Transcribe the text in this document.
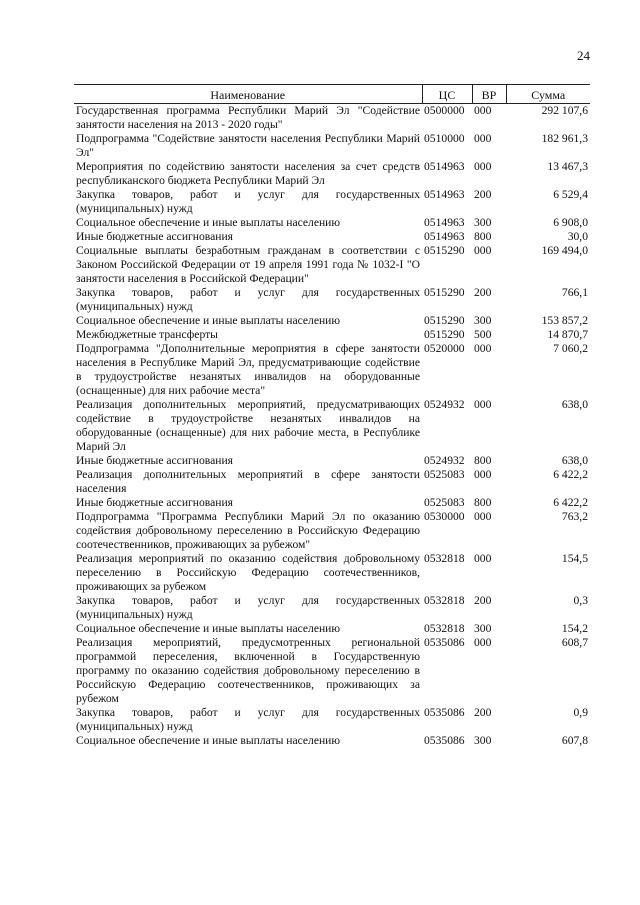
24
Наименование	ЦС	ВР	Сумма
Государственная программа Республики Марий Эл "Содействие занятости населения на 2013 - 2020 годы"	0500000	000	292 107,6
Подпрограмма "Содействие занятости населения Республики Марий Эл"	0510000	000	182 961,3
Мероприятия по содействию занятости населения за счет средств республиканского бюджета Республики Марий Эл	0514963	000	13 467,3
Закупка товаров, работ и услуг для государственных (муниципальных) нужд	0514963	200	6 529,4
Социальное обеспечение и иные выплаты населению	0514963	300	6 908,0
Иные бюджетные ассигнования	0514963	800	30,0
Социальные выплаты безработным гражданам в соответствии с Законом Российской Федерации от 19 апреля 1991 года № 1032-I "О занятости населения в Российской Федерации"	0515290	000	169 494,0
Закупка товаров, работ и услуг для государственных (муниципальных) нужд	0515290	200	766,1
Социальное обеспечение и иные выплаты населению	0515290	300	153 857,2
Межбюджетные трансферты	0515290	500	14 870,7
Подпрограмма "Дополнительные мероприятия в сфере занятости населения в Республике Марий Эл, предусматривающие содействие в трудоустройстве незанятых инвалидов на оборудованные (оснащенные) для них рабочие места"	0520000	000	7 060,2
Реализация дополнительных мероприятий, предусматривающих содействие в трудоустройстве незанятых инвалидов на оборудованные (оснащенные) для них рабочие места, в Республике Марий Эл	0524932	000	638,0
Иные бюджетные ассигнования	0524932	800	638,0
Реализация дополнительных мероприятий в сфере занятости населения	0525083	000	6 422,2
Иные бюджетные ассигнования	0525083	800	6 422,2
Подпрограмма "Программа Республики Марий Эл по оказанию содействия добровольному переселению в Российскую Федерацию соотечественников, проживающих за рубежом"	0530000	000	763,2
Реализация мероприятий по оказанию содействия добровольному переселению в Российскую Федерацию соотечественников, проживающих за рубежом	0532818	000	154,5
Закупка товаров, работ и услуг для государственных (муниципальных) нужд	0532818	200	0,3
Социальное обеспечение и иные выплаты населению	0532818	300	154,2
Реализация мероприятий, предусмотренных региональной программой переселения, включенной в Государственную программу по оказанию содействия добровольному переселению в Российскую Федерацию соотечественников, проживающих за рубежом	0535086	000	608,7
Закупка товаров, работ и услуг для государственных (муниципальных) нужд	0535086	200	0,9
Социальное обеспечение и иные выплаты населению	0535086	300	607,8
